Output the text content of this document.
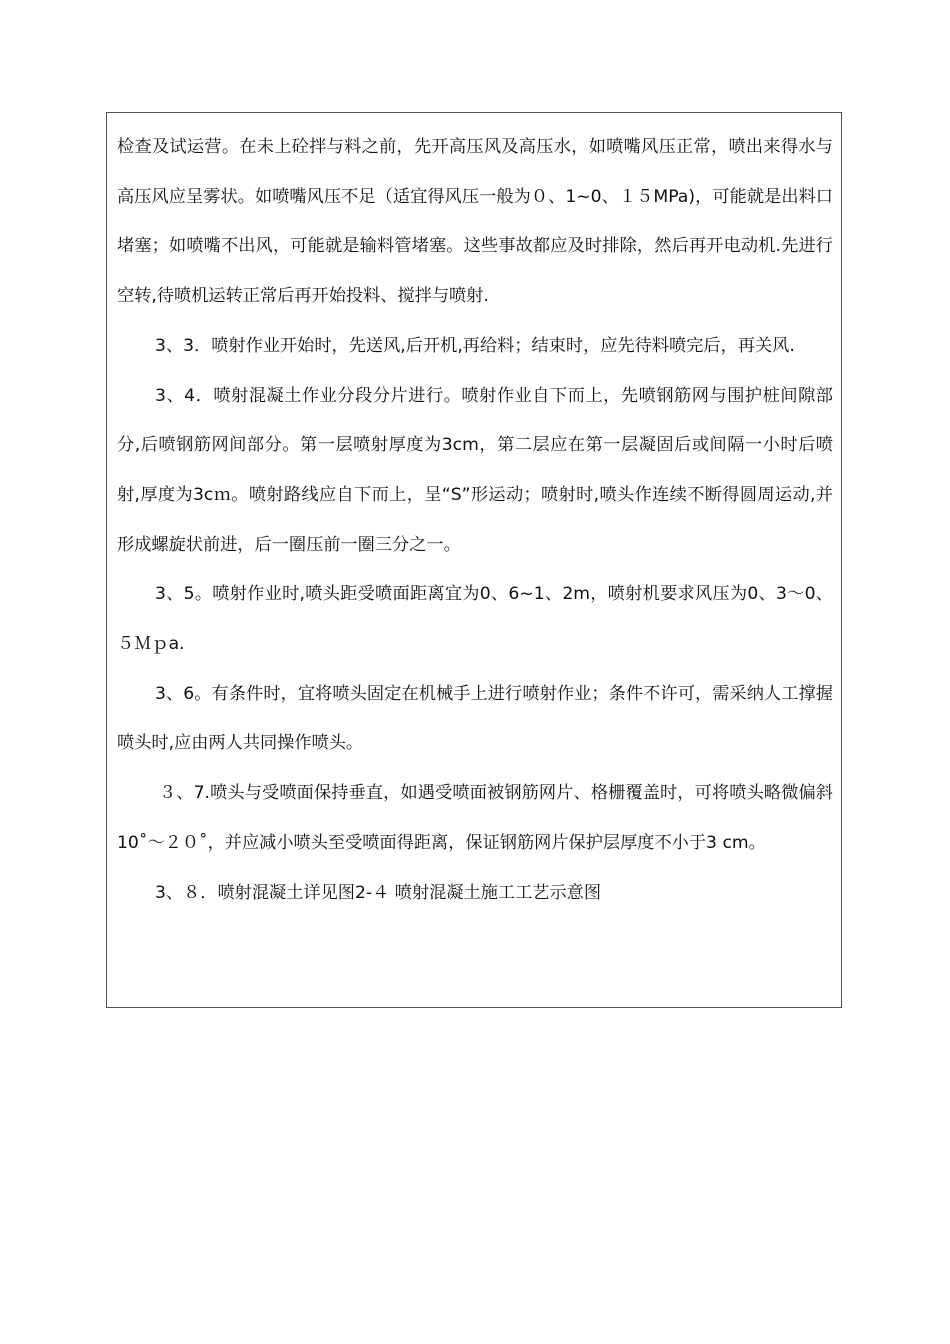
检查及试运营。在未上砼拌与料之前，先开高压风及高压水，如喷嘴风压正常，喷出来得水与高压风应呈雾状。如喷嘴风压不足（适宜得风压一般为０、1~0、１５MPa)，可能就是出料口堵塞；如喷嘴不出风，可能就是输料管堵塞。这些事故都应及时排除，然后再开电动机.先进行空转,待喷机运转正常后再开始投料、搅拌与喷射.

3、3．喷射作业开始时，先送风,后开机,再给料；结束时，应先待料喷完后，再关风.

3、4．喷射混凝土作业分段分片进行。喷射作业自下而上，先喷钢筋网与围护桩间隙部分,后喷钢筋网间部分。第一层喷射厚度为3cm，第二层应在第一层凝固后或间隔一小时后喷射,厚度为3cｍ。喷射路线应自下而上，呈“S”形运动；喷射时,喷头作连续不断得圆周运动,并形成螺旋状前进，后一圈压前一圈三分之一。

3、5。喷射作业时,喷头距受喷面距离宜为0、6~1、2m，喷射机要求风压为0、3～0、５Ｍｐa.

3、6。有条件时，宜将喷头固定在机械手上进行喷射作业；条件不许可，需采纳人工撑握喷头时,应由两人共同操作喷头。

３、7.喷头与受喷面保持垂直，如遇受喷面被钢筋网片、格栅覆盖时，可将喷头略微偏斜10˚～２０˚，并应减小喷头至受喷面得距离，保证钢筋网片保护层厚度不小于3 cm。

3、８．喷射混凝土详见图2-４ 喷射混凝土施工工艺示意图
